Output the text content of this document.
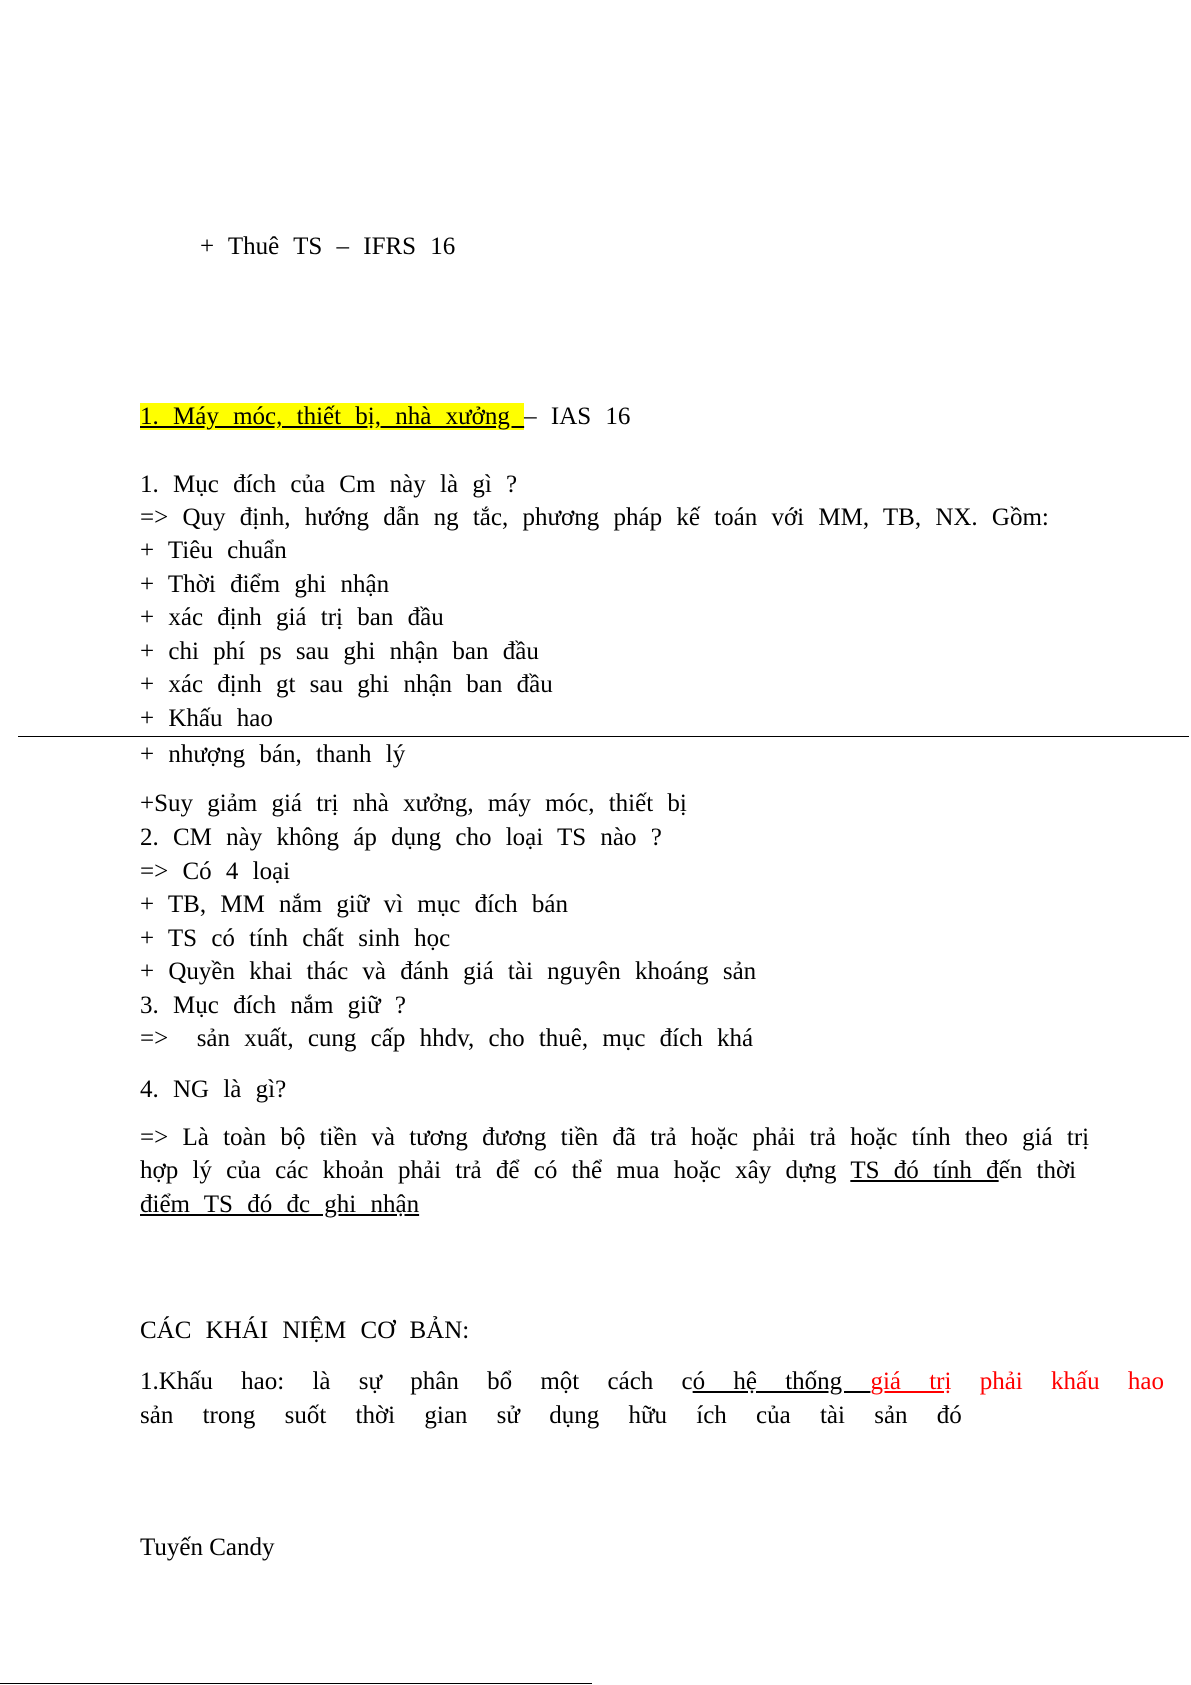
+ Thuê TS – IFRS 16
1. Máy móc, thiết bị, nhà xưởng – IAS 16
1. Mục đích của Cm này là gì ?
=> Quy định, hướng dẫn ng tắc, phương pháp kế toán với MM, TB, NX. Gồm:
+ Tiêu chuẩn
+ Thời điểm ghi nhận
+ xác định giá trị ban đầu
+ chi phí ps sau ghi nhận ban đầu
+ xác định gt sau ghi nhận ban đầu
+ Khấu hao
+ nhượng bán, thanh lý
+Suy giảm giá trị nhà xưởng, máy móc, thiết bị
2. CM này không áp dụng cho loại TS nào ?
=> Có 4 loại
+ TB, MM nắm giữ vì mục đích bán
+ TS có tính chất sinh học
+ Quyền khai thác và đánh giá tài nguyên khoáng sản
3. Mục đích nắm giữ ?
=>  sản xuất, cung cấp hhdv, cho thuê, mục đích khá
4. NG là gì?
=> Là toàn bộ tiền và tương đương tiền đã trả hoặc phải trả hoặc tính theo giá trị
hợp lý của các khoản phải trả để có thể mua hoặc xây dựng TS đó tính đến thời
điểm TS đó đc ghi nhận
CÁC KHÁI NIỆM CƠ BẢN:
1.Khấu hao: là sự phân bổ một cách có hệ thống giá trị phải khấu hao
sản trong suốt thời gian sử dụng hữu ích của tài sản đó
Tuyến Candy
